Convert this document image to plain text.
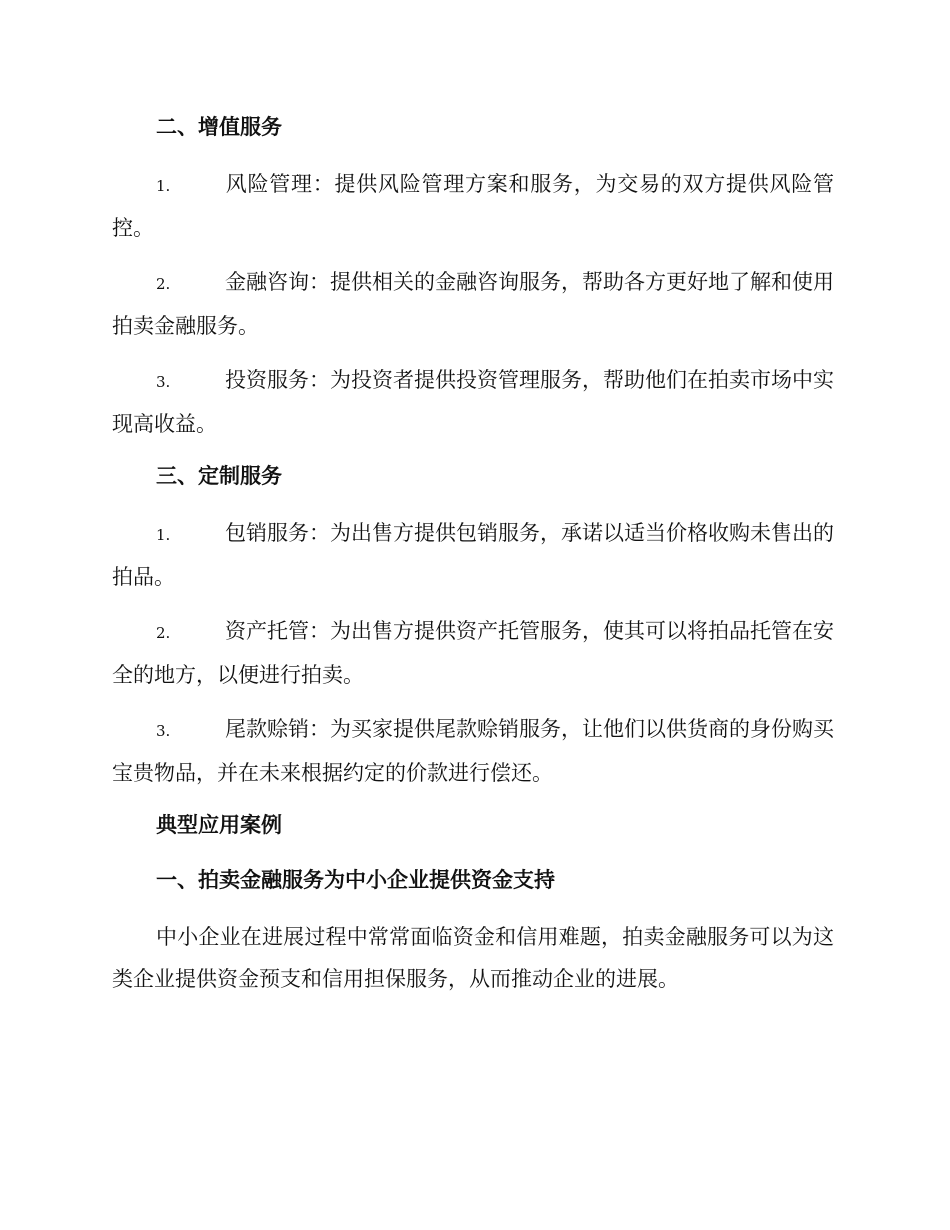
二、增值服务

1.	风险管理：提供风险管理方案和服务，为交易的双方提供风险管控。

2.	金融咨询：提供相关的金融咨询服务，帮助各方更好地了解和使用拍卖金融服务。

3.	投资服务：为投资者提供投资管理服务，帮助他们在拍卖市场中实现高收益。

三、定制服务

1.	包销服务：为出售方提供包销服务，承诺以适当价格收购未售出的拍品。

2.	资产托管：为出售方提供资产托管服务，使其可以将拍品托管在安全的地方，以便进行拍卖。

3.	尾款赊销：为买家提供尾款赊销服务，让他们以供货商的身份购买宝贵物品，并在未来根据约定的价款进行偿还。

典型应用案例
一、拍卖金融服务为中小企业提供资金支持

中小企业在进展过程中常常面临资金和信用难题，拍卖金融服务可以为这类企业提供资金预支和信用担保服务，从而推动企业的进展。
